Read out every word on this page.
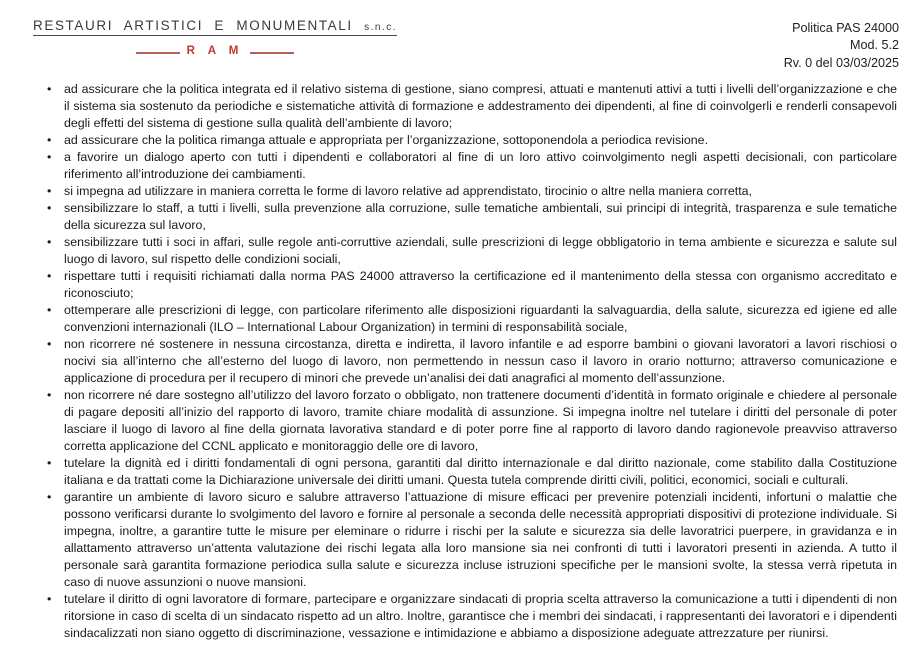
RESTAURI ARTISTICI E MONUMENTALI s.n.c.
R A M
Politica PAS 24000
Mod. 5.2
Rv. 0 del 03/03/2025
• ad assicurare che la politica integrata ed il relativo sistema di gestione, siano compresi, attuati e mantenuti attivi a tutti i livelli dell’organizzazione e che il sistema sia sostenuto da periodiche e sistematiche attività di formazione e addestramento dei dipendenti, al fine di coinvolgerli e renderli consapevoli degli effetti del sistema di gestione sulla qualità dell’ambiente di lavoro;
• ad assicurare che la politica rimanga attuale e appropriata per l’organizzazione, sottoponendola a periodica revisione.
• a favorire un dialogo aperto con tutti i dipendenti e collaboratori al fine di un loro attivo coinvolgimento negli aspetti decisionali, con particolare riferimento all’introduzione dei cambiamenti.
• si impegna ad utilizzare in maniera corretta le forme di lavoro relative ad apprendistato, tirocinio o altre nella maniera corretta,
• sensibilizzare lo staff, a tutti i livelli, sulla prevenzione alla corruzione, sulle tematiche ambientali, sui principi di integrità, trasparenza e sule tematiche della sicurezza sul lavoro,
• sensibilizzare tutti i soci in affari, sulle regole anti-corruttive aziendali, sulle prescrizioni di legge obbligatorio in tema ambiente e sicurezza e salute sul luogo di lavoro, sul rispetto delle condizioni sociali,
• rispettare tutti i requisiti richiamati dalla norma PAS 24000 attraverso la certificazione ed il mantenimento della stessa con organismo accreditato e riconosciuto;
• ottemperare alle prescrizioni di legge, con particolare riferimento alle disposizioni riguardanti la salvaguardia, della salute, sicurezza ed igiene ed alle convenzioni internazionali (ILO – International Labour Organization) in termini di responsabilità sociale,
• non ricorrere né sostenere in nessuna circostanza, diretta e indiretta, il lavoro infantile e ad esporre bambini o giovani lavoratori a lavori rischiosi o nocivi sia all’interno che all’esterno del luogo di lavoro, non permettendo in nessun caso il lavoro in orario notturno; attraverso comunicazione e applicazione di procedura per il recupero di minori che prevede un’analisi dei dati anagrafici al momento dell’assunzione.
• non ricorrere né dare sostegno all’utilizzo del lavoro forzato o obbligato, non trattenere documenti d’identità in formato originale e chiedere al personale di pagare depositi all’inizio del rapporto di lavoro, tramite chiare modalità di assunzione. Si impegna inoltre nel tutelare i diritti del personale di poter lasciare il luogo di lavoro al fine della giornata lavorativa standard e di poter porre fine al rapporto di lavoro dando ragionevole preavviso attraverso corretta applicazione del CCNL applicato e monitoraggio delle ore di lavoro,
• tutelare la dignità ed i diritti fondamentali di ogni persona, garantiti dal diritto internazionale e dal diritto nazionale, come stabilito dalla Costituzione italiana e da trattati come la Dichiarazione universale dei diritti umani. Questa tutela comprende diritti civili, politici, economici, sociali e culturali.
• garantire un ambiente di lavoro sicuro e salubre attraverso l’attuazione di misure efficaci per prevenire potenziali incidenti, infortuni o malattie che possono verificarsi durante lo svolgimento del lavoro e fornire al personale a seconda delle necessità appropriati dispositivi di protezione individuale. Si impegna, inoltre, a garantire tutte le misure per eleminare o ridurre i rischi per la salute e sicurezza sia delle lavoratrici puerpere, in gravidanza e in allattamento attraverso un’attenta valutazione dei rischi legata alla loro mansione sia nei confronti di tutti i lavoratori presenti in azienda. A tutto il personale sarà garantita formazione periodica sulla salute e sicurezza incluse istruzioni specifiche per le mansioni svolte, la stessa verrà ripetuta in caso di nuove assunzioni o nuove mansioni.
• tutelare il diritto di ogni lavoratore di formare, partecipare e organizzare sindacati di propria scelta attraverso la comunicazione a tutti i dipendenti di non ritorsione in caso di scelta di un sindacato rispetto ad un altro. Inoltre, garantisce che i membri dei sindacati, i rappresentanti dei lavoratori e i dipendenti sindacalizzati non siano oggetto di discriminazione, vessazione e intimidazione e abbiamo a disposizione adeguate attrezzature per riunirsi.
